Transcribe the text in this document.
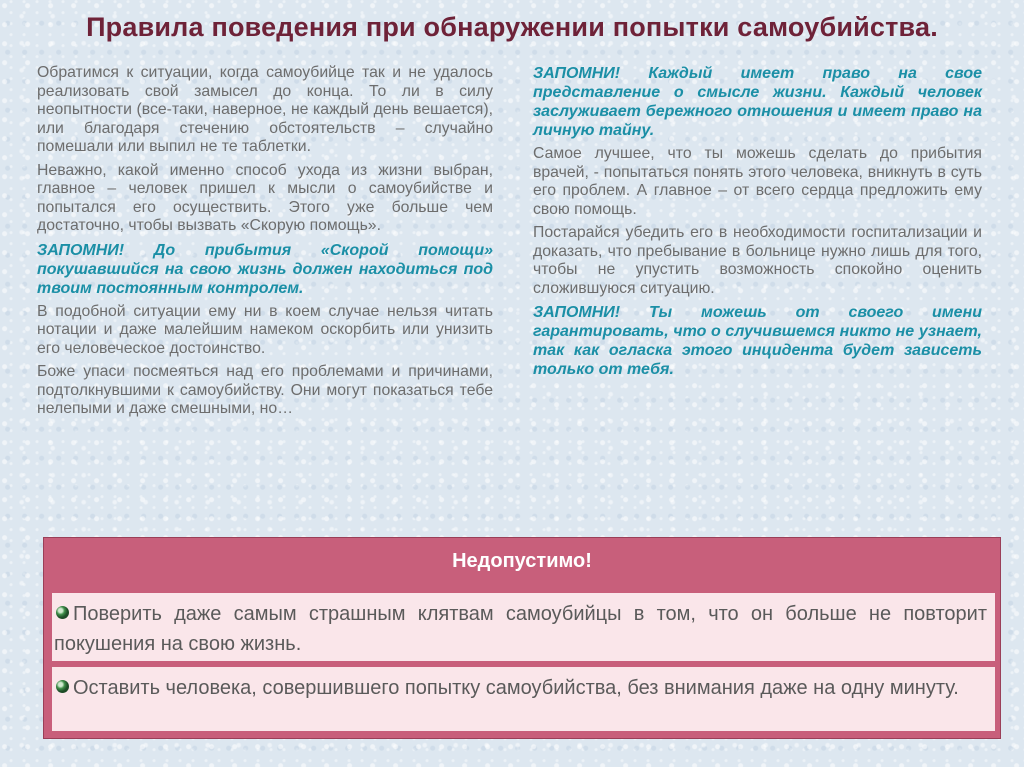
Правила поведения при обнаружении попытки самоубийства.

Обратимся к ситуации, когда самоубийце так и не удалось реализовать свой замысел до конца. То ли в силу неопытности (все-таки, наверное, не каждый день вешается), или благодаря стечению обстоятельств – случайно помешали или выпил не те таблетки.

Неважно, какой именно способ ухода из жизни выбран, главное – человек пришел к мысли о самоубийстве и попытался его осуществить. Этого уже больше чем достаточно, чтобы вызвать «Скорую помощь».

ЗАПОМНИ! До прибытия «Скорой помощи» покушавшийся на свою жизнь должен находиться под твоим постоянным контролем.

В подобной ситуации ему ни в коем случае нельзя читать нотации и даже малейшим намеком оскорбить или унизить его человеческое достоинство.

Боже упаси посмеяться над его проблемами и причинами, подтолкнувшими к самоубийству. Они могут показаться тебе нелепыми и даже смешными, но…

ЗАПОМНИ! Каждый имеет право на свое представление о смысле жизни. Каждый человек заслуживает бережного отношения и имеет право на личную тайну.

Самое лучшее, что ты можешь сделать до прибытия врачей, - попытаться понять этого человека, вникнуть в суть его проблем. А главное – от всего сердца предложить ему свою помощь.

Постарайся убедить его в необходимости госпитализации и доказать, что пребывание в больнице нужно лишь для того, чтобы не упустить возможность спокойно оценить сложившуюся ситуацию.

ЗАПОМНИ! Ты можешь от своего имени гарантировать, что о случившемся никто не узнает, так как огласка этого инцидента будет зависеть только от тебя.

Недопустимо!
Поверить даже самым страшным клятвам самоубийцы в том, что он больше не повторит покушения на свою жизнь.
Оставить человека, совершившего попытку самоубийства, без внимания даже на одну минуту.
